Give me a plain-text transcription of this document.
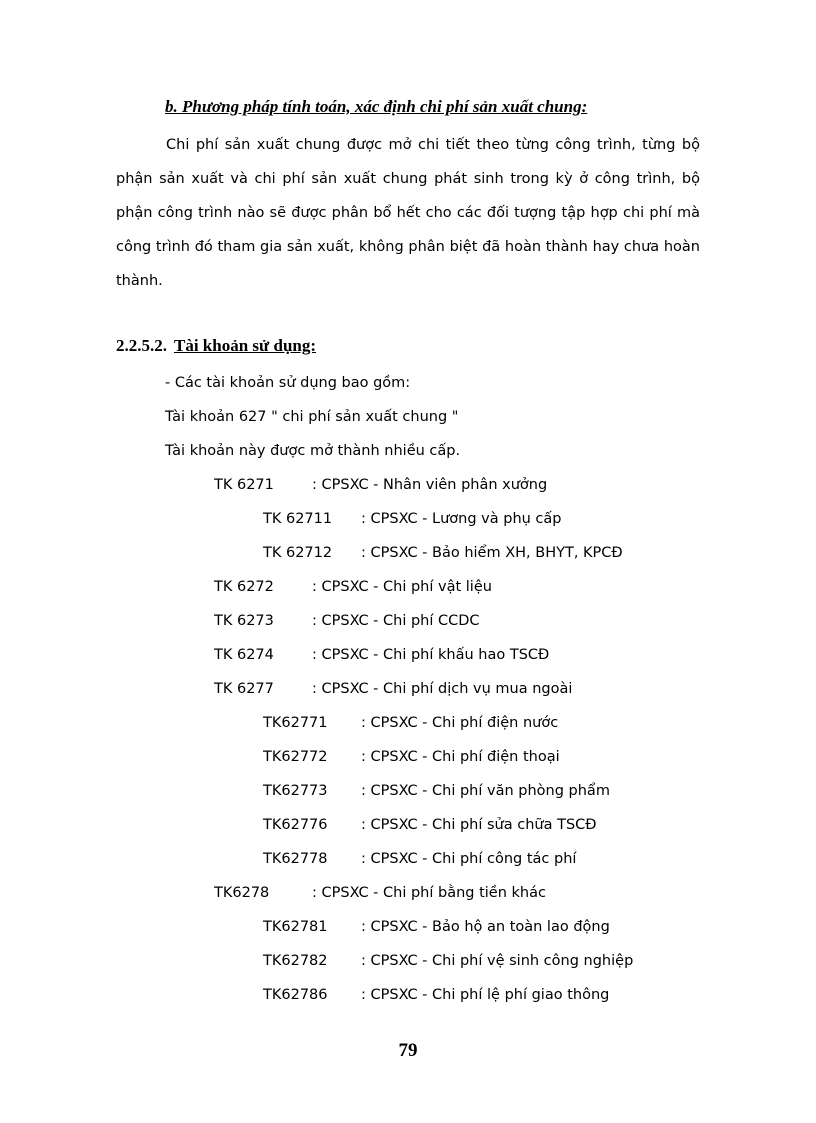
b. Phương pháp tính toán, xác định chi phí sản xuất chung:

Chi phí sản xuất chung được mở chi tiết theo từng công trình, từng bộ phận sản xuất và chi phí sản xuất chung phát sinh trong kỳ ở công trình, bộ phận công trình nào sẽ được phân bổ hết cho các đối tượng tập hợp chi phí mà công trình đó tham gia sản xuất, không phân biệt đã hoàn thành hay chưa hoàn thành.

2.2.5.2. Tài khoản sử dụng:
- Các tài khoản sử dụng bao gồm:
Tài khoản 627 " chi phí sản xuất chung "
Tài khoản này được mở thành nhiều cấp.
TK 6271	: CPSXC - Nhân viên phân xưởng
TK 62711 : CPSXC - Lương và phụ cấp
TK 62712 : CPSXC - Bảo hiểm XH, BHYT, KPCĐ
TK 6272	: CPSXC - Chi phí vật liệu
TK 6273	: CPSXC - Chi phí CCDC
TK 6274	: CPSXC - Chi phí khấu hao TSCĐ
TK 6277	: CPSXC - Chi phí dịch vụ mua ngoài
TK62771 : CPSXC - Chi phí điện nước
TK62772 : CPSXC - Chi phí điện thoại
TK62773 : CPSXC - Chi phí văn phòng phẩm
TK62776 : CPSXC - Chi phí sửa chữa TSCĐ
TK62778 : CPSXC - Chi phí công tác phí
TK6278	: CPSXC - Chi phí bằng tiền khác
TK62781 : CPSXC - Bảo hộ an toàn lao động
TK62782 : CPSXC - Chi phí vệ sinh công nghiệp
TK62786 : CPSXC - Chi phí lệ phí giao thông
79
